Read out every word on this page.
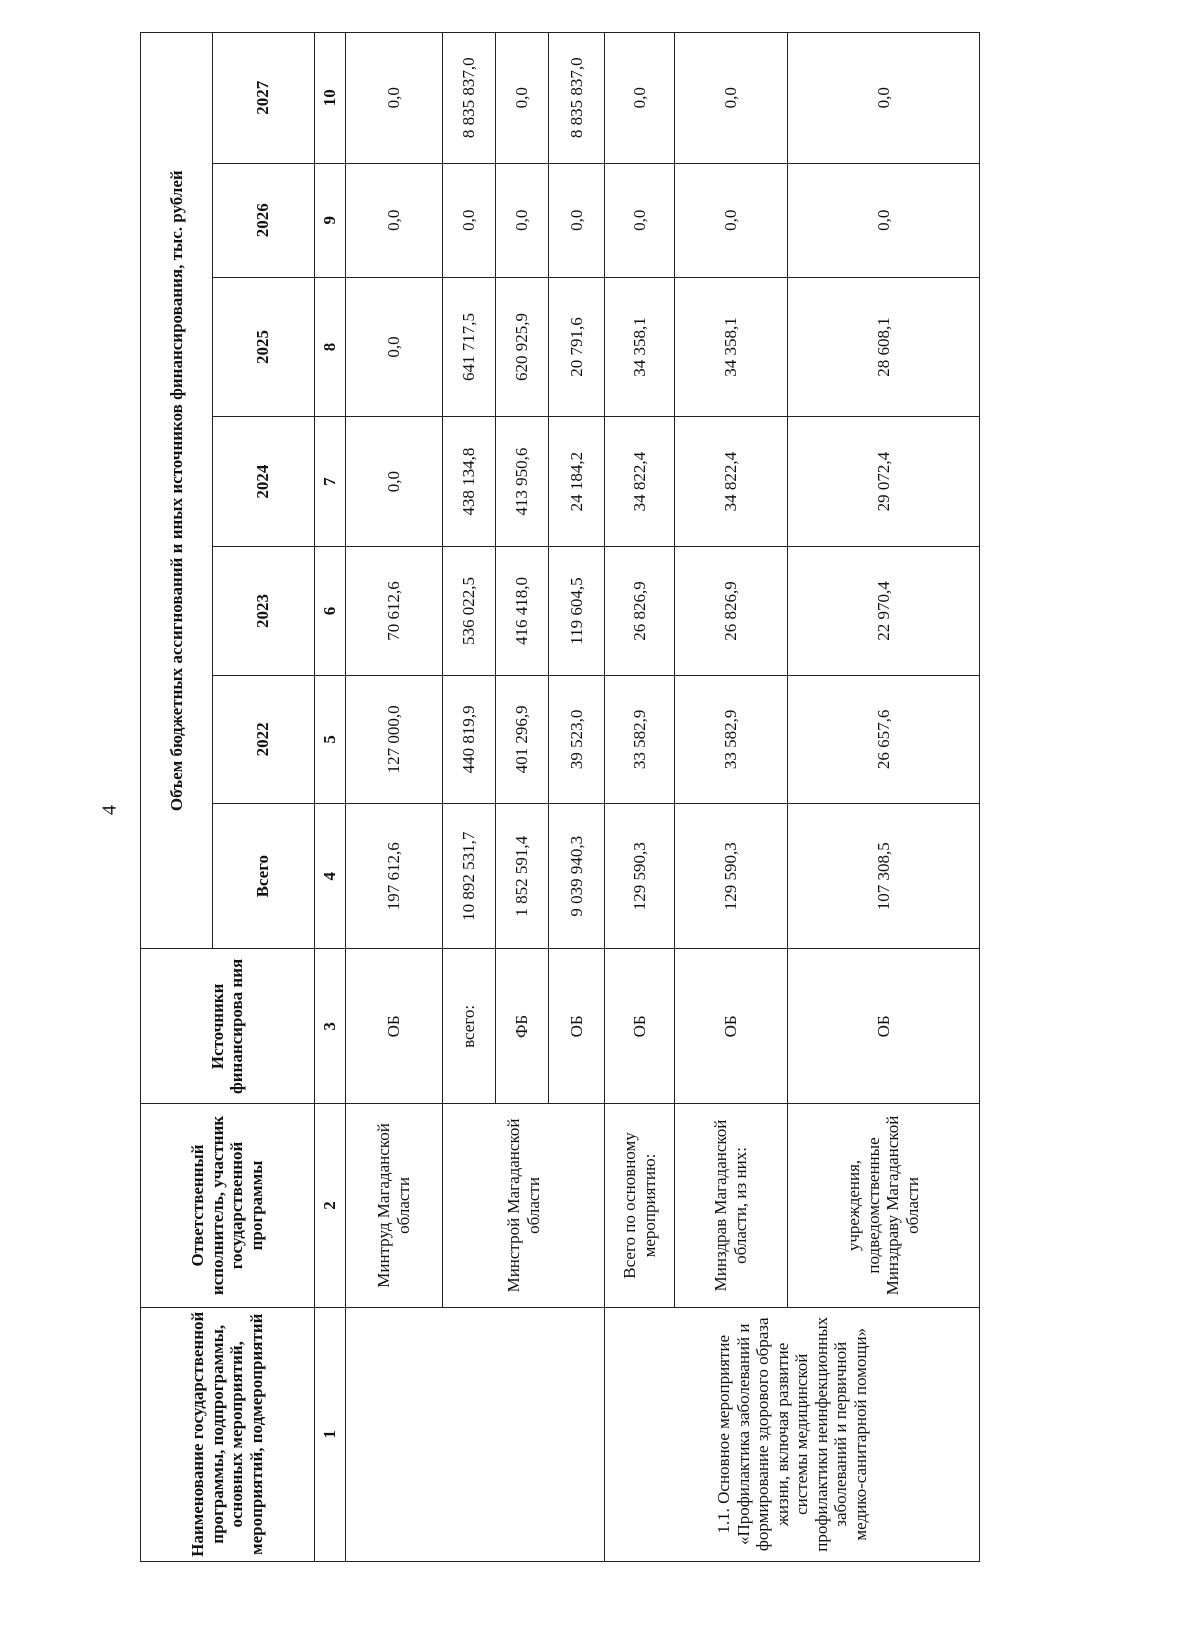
4
Наименование государственной программы, подпрограммы, основных мероприятий, мероприятий, подмероприятий	Ответственный исполнитель, участник государственной программы	Источники финансирова ния	Объем бюджетных ассигнований и иных источников финансирования, тыс. рублей						
			Всего	2022	2023	2024	2025	2026	2027
1	2	3	4	5	6	7	8	9	10
	Минтруд Магаданской области	ОБ	197 612,6	127 000,0	70 612,6	0,0	0,0	0,0	0,0
	Минстрой Магаданской области	всего:	10 892 531,7	440 819,9	536 022,5	438 134,8	641 717,5	0,0	8 835 837,0
		ФБ	1 852 591,4	401 296,9	416 418,0	413 950,6	620 925,9	0,0	0,0
		ОБ	9 039 940,3	39 523,0	119 604,5	24 184,2	20 791,6	0,0	8 835 837,0
1.1. Основное мероприятие «Профилактика заболеваний и формирование здорового образа жизни, включая развитие системы медицинской профилактики неинфекционных заболеваний и первичной медико-санитарной помощи»	Всего по основному мероприятию:	ОБ	129 590,3	33 582,9	26 826,9	34 822,4	34 358,1	0,0	0,0
	Минздрав Магаданской области, из них:	ОБ	129 590,3	33 582,9	26 826,9	34 822,4	34 358,1	0,0	0,0
	учреждения, подведомственные Минздраву Магаданской области	ОБ	107 308,5	26 657,6	22 970,4	29 072,4	28 608,1	0,0	0,0
